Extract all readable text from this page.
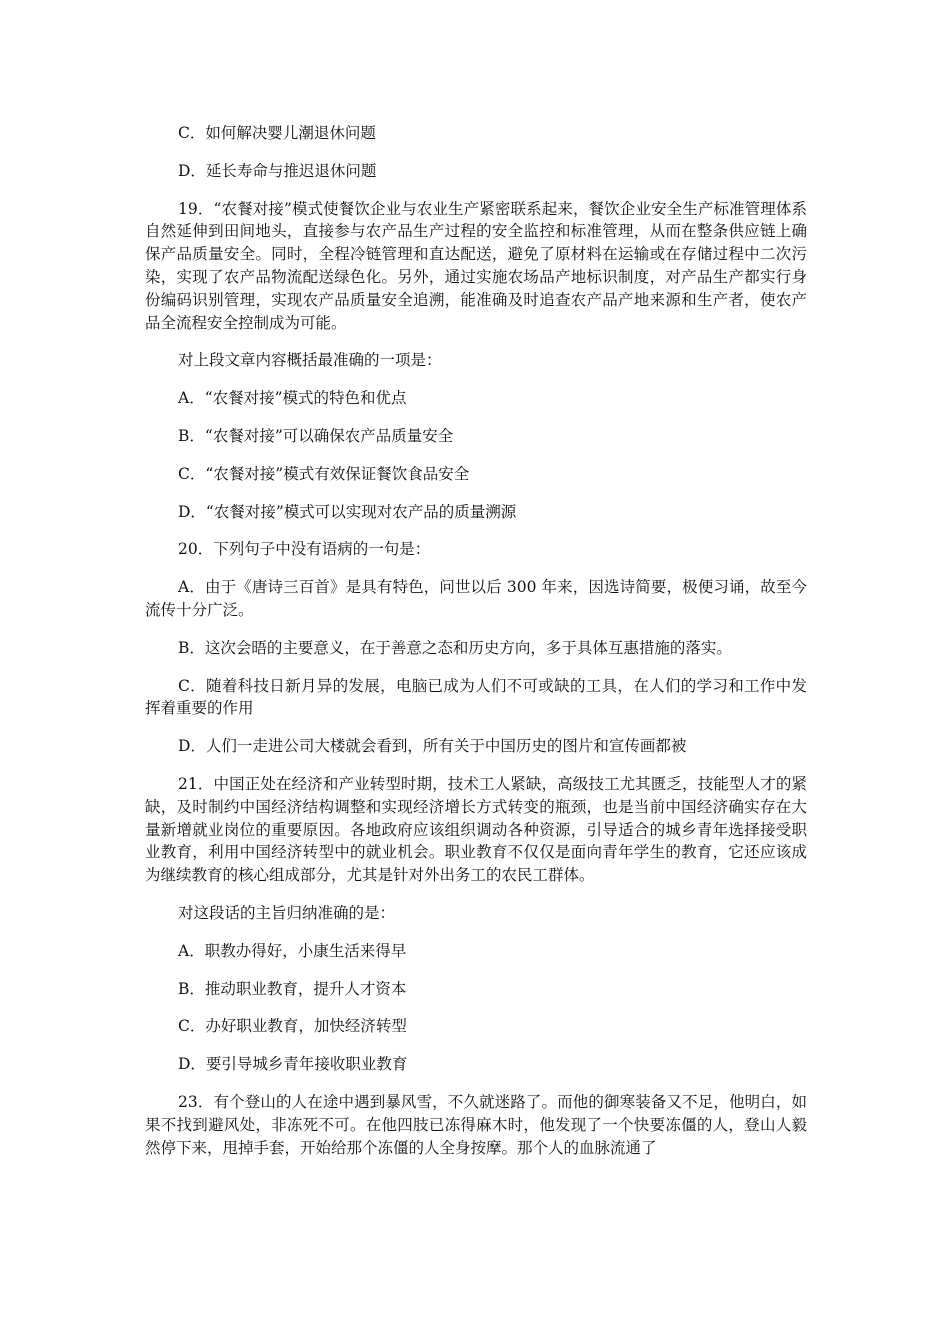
C．如何解决婴儿潮退休问题

D．延长寿命与推迟退休问题

19．“农餐对接”模式使餐饮企业与农业生产紧密联系起来，餐饮企业安全生产标准管理体系自然延伸到田间地头，直接参与农产品生产过程的安全监控和标准管理，从而在整条供应链上确保产品质量安全。同时，全程冷链管理和直达配送，避免了原材料在运输或在存储过程中二次污染，实现了农产品物流配送绿色化。另外，通过实施农场品产地标识制度，对产品生产都实行身份编码识别管理，实现农产品质量安全追溯，能准确及时追查农产品产地来源和生产者，使农产品全流程安全控制成为可能。

对上段文章内容概括最准确的一项是：

A．“农餐对接”模式的特色和优点

B．“农餐对接”可以确保农产品质量安全

C．“农餐对接”模式有效保证餐饮食品安全

D．“农餐对接”模式可以实现对农产品的质量溯源

20．下列句子中没有语病的一句是：

A．由于《唐诗三百首》是具有特色，问世以后 300 年来，因选诗简要，极便习诵，故至今流传十分广泛。

B．这次会晤的主要意义，在于善意之态和历史方向，多于具体互惠措施的落实。

C．随着科技日新月异的发展，电脑已成为人们不可或缺的工具，在人们的学习和工作中发挥着重要的作用

D．人们一走进公司大楼就会看到，所有关于中国历史的图片和宣传画都被

21．中国正处在经济和产业转型时期，技术工人紧缺，高级技工尤其匮乏，技能型人才的紧缺，及时制约中国经济结构调整和实现经济增长方式转变的瓶颈，也是当前中国经济确实存在大量新增就业岗位的重要原因。各地政府应该组织调动各种资源，引导适合的城乡青年选择接受职业教育，利用中国经济转型中的就业机会。职业教育不仅仅是面向青年学生的教育，它还应该成为继续教育的核心组成部分，尤其是针对外出务工的农民工群体。

对这段话的主旨归纳准确的是：

A．职教办得好，小康生活来得早

B．推动职业教育，提升人才资本

C．办好职业教育，加快经济转型

D．要引导城乡青年接收职业教育

23．有个登山的人在途中遇到暴风雪，不久就迷路了。而他的御寒装备又不足，他明白，如果不找到避风处，非冻死不可。在他四肢已冻得麻木时，他发现了一个快要冻僵的人，登山人毅然停下来，甩掉手套，开始给那个冻僵的人全身按摩。那个人的血脉流通了
